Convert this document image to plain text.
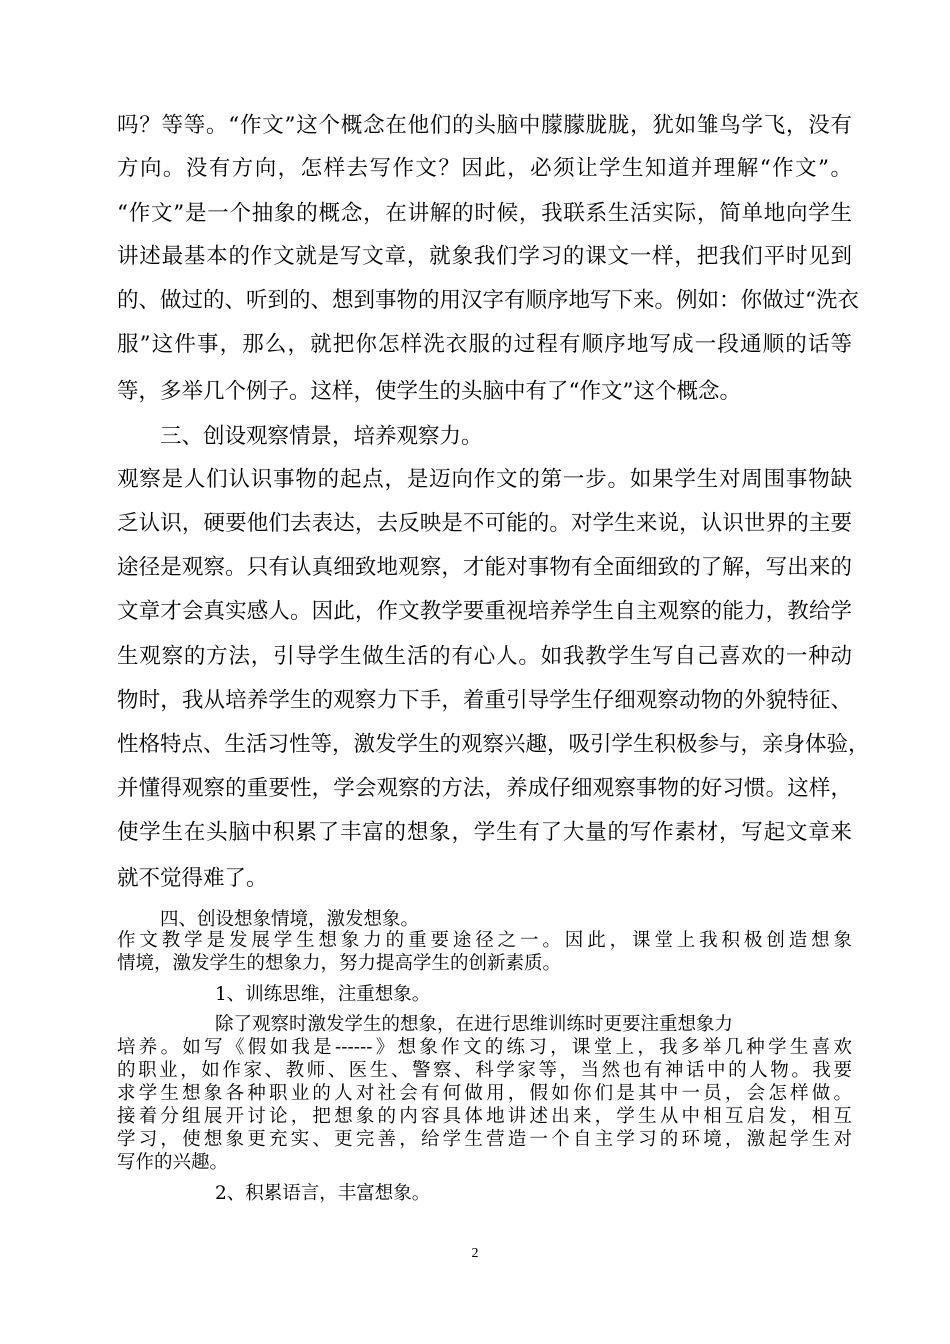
吗？等等。“作文”这个概念在他们的头脑中朦朦胧胧，犹如雏鸟学飞，没有
方向。没有方向，怎样去写作文？因此，必须让学生知道并理解“作文”。
“作文”是一个抽象的概念，在讲解的时候，我联系生活实际，简单地向学生
讲述最基本的作文就是写文章，就象我们学习的课文一样，把我们平时见到
的、做过的、听到的、想到事物的用汉字有顺序地写下来。例如：你做过“洗衣
服”这件事，那么，就把你怎样洗衣服的过程有顺序地写成一段通顺的话等
等，多举几个例子。这样，使学生的头脑中有了“作文”这个概念。
三、创设观察情景，培养观察力。
观察是人们认识事物的起点，是迈向作文的第一步。如果学生对周围事物缺
乏认识，硬要他们去表达，去反映是不可能的。对学生来说，认识世界的主要
途径是观察。只有认真细致地观察，才能对事物有全面细致的了解，写出来的
文章才会真实感人。因此，作文教学要重视培养学生自主观察的能力，教给学
生观察的方法，引导学生做生活的有心人。如我教学生写自己喜欢的一种动
物时，我从培养学生的观察力下手，着重引导学生仔细观察动物的外貌特征、
性格特点、生活习性等，激发学生的观察兴趣，吸引学生积极参与，亲身体验，
并懂得观察的重要性，学会观察的方法，养成仔细观察事物的好习惯。这样，
使学生在头脑中积累了丰富的想象，学生有了大量的写作素材，写起文章来
就不觉得难了。
四、创设想象情境，激发想象。
作文教学是发展学生想象力的重要途径之一。因此，课堂上我积极创造想象
情境，激发学生的想象力，努力提高学生的创新素质。
1、训练思维，注重想象。
除了观察时激发学生的想象，在进行思维训练时更要注重想象力
培养。如写《假如我是------》想象作文的练习，课堂上，我多举几种学生喜欢
的职业，如作家、教师、医生、警察、科学家等，当然也有神话中的人物。我要
求学生想象各种职业的人对社会有何做用，假如你们是其中一员，会怎样做。
接着分组展开讨论，把想象的内容具体地讲述出来，学生从中相互启发，相互
学习，使想象更充实、更完善，给学生营造一个自主学习的环境，激起学生对
写作的兴趣。
2、积累语言，丰富想象。
2
